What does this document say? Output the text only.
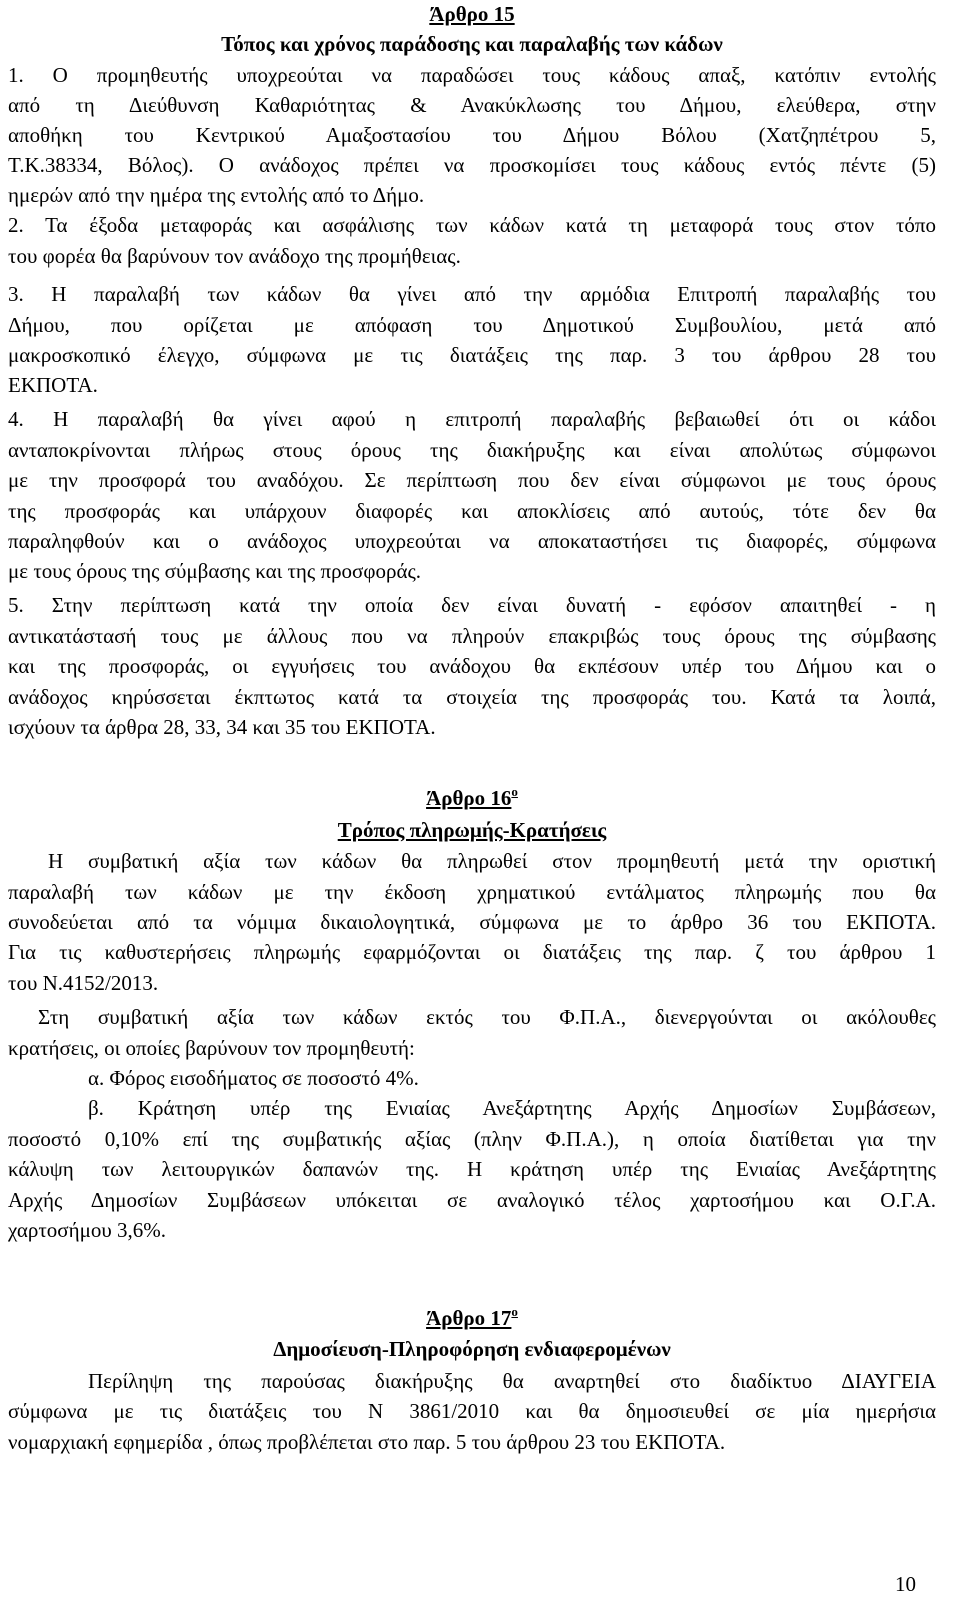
Άρθρο 15
Τόπος και χρόνος παράδοσης και παραλαβής των κάδων
1. Ο προμηθευτής υποχρεούται να παραδώσει τους κάδους απαξ, κατόπιν εντολής
από τη Διεύθυνση Καθαριότητας & Ανακύκλωσης του Δήμου, ελεύθερα, στην
αποθήκη του Κεντρικού Αμαξοστασίου του Δήμου Βόλου (Χατζηπέτρου 5,
Τ.Κ.38334, Βόλος). Ο ανάδοχος πρέπει να προσκομίσει τους κάδους εντός πέντε (5)
ημερών από την ημέρα της εντολής από το Δήμο.
2. Τα έξοδα μεταφοράς και ασφάλισης των κάδων κατά τη μεταφορά τους στον τόπο
του φορέα θα βαρύνουν τον ανάδοχο της προμήθειας.
3. Η παραλαβή των κάδων θα γίνει από την αρμόδια Επιτροπή παραλαβής του
Δήμου, που ορίζεται με απόφαση του Δημοτικού Συμβουλίου, μετά από
μακροσκοπικό έλεγχο, σύμφωνα με τις διατάξεις της παρ. 3 του άρθρου 28 του
ΕΚΠΟΤΑ.
4. Η παραλαβή θα γίνει αφού η επιτροπή παραλαβής βεβαιωθεί ότι οι κάδοι
ανταποκρίνονται πλήρως στους όρους της διακήρυξης και είναι απολύτως σύμφωνοι
με την προσφορά του αναδόχου. Σε περίπτωση που δεν είναι σύμφωνοι με τους όρους
της προσφοράς και υπάρχουν διαφορές και αποκλίσεις από αυτούς, τότε δεν θα
παραληφθούν και ο ανάδοχος υποχρεούται να αποκαταστήσει τις διαφορές, σύμφωνα
με τους όρους της σύμβασης και της προσφοράς.
5. Στην περίπτωση κατά την οποία δεν είναι δυνατή - εφόσον απαιτηθεί - η
αντικατάστασή τους με άλλους που να πληρούν επακριβώς τους όρους της σύμβασης
και της προσφοράς, οι εγγυήσεις του ανάδοχου θα εκπέσουν υπέρ του Δήμου και ο
ανάδοχος κηρύσσεται έκπτωτος κατά τα στοιχεία της προσφοράς του. Κατά τα λοιπά,
ισχύουν τα άρθρα 28, 33, 34 και 35 του ΕΚΠΟΤΑ.
Άρθρο $16^o$
Τρόπος πληρωμής-Κρατήσεις
Η συμβατική αξία των κάδων θα πληρωθεί στον προμηθευτή μετά την οριστική
παραλαβή των κάδων με την έκδοση χρηματικού εντάλματος πληρωμής που θα
συνοδεύεται από τα νόμιμα δικαιολογητικά, σύμφωνα με το άρθρο 36 του ΕΚΠΟΤΑ.
Για τις καθυστερήσεις πληρωμής εφαρμόζονται οι διατάξεις της παρ. ζ του άρθρου 1
του Ν.4152/2013.
Στη συμβατική αξία των κάδων εκτός του Φ.Π.Α., διενεργούνται οι ακόλουθες
κρατήσεις, οι οποίες βαρύνουν τον προμηθευτή:
α. Φόρος εισοδήματος σε ποσοστό 4%.
β. Κράτηση υπέρ της Ενιαίας Ανεξάρτητης Αρχής Δημοσίων Συμβάσεων,
ποσοστό 0,10% επί της συμβατικής αξίας (πλην Φ.Π.Α.), η οποία διατίθεται για την
κάλυψη των λειτουργικών δαπανών της. Η κράτηση υπέρ της Ενιαίας Ανεξάρτητης
Αρχής Δημοσίων Συμβάσεων υπόκειται σε αναλογικό τέλος χαρτοσήμου και Ο.Γ.Α.
χαρτοσήμου 3,6%.
Άρθρο $17^o$
Δημοσίευση-Πληροφόρηση ενδιαφερομένων
Περίληψη της παρούσας διακήρυξης θα αναρτηθεί στο διαδίκτυο ΔΙΑΥΓΕΙΑ
σύμφωνα με τις διατάξεις του Ν 3861/2010 και θα δημοσιευθεί σε μία ημερήσια
νομαρχιακή εφημερίδα , όπως προβλέπεται στο παρ. 5 του άρθρου 23 του ΕΚΠΟΤΑ.
10
